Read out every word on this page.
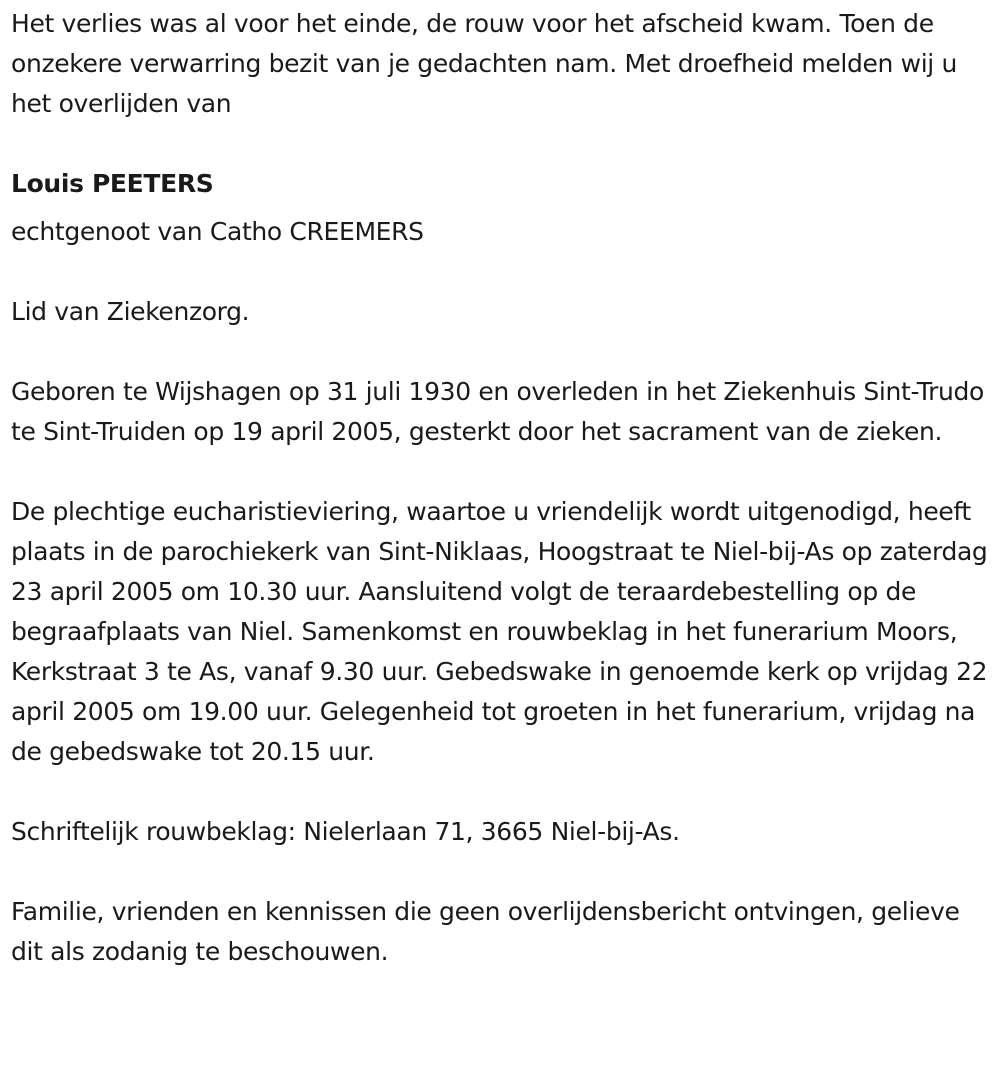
Het verlies was al voor het einde, de rouw voor het afscheid kwam. Toen de onzekere verwarring bezit van je gedachten nam. Met droefheid melden wij u het overlijden van

Louis PEETERS

echtgenoot van Catho CREEMERS

Lid van Ziekenzorg.

Geboren te Wijshagen op 31 juli 1930 en overleden in het Ziekenhuis Sint-Trudo te Sint-Truiden op 19 april 2005, gesterkt door het sacrament van de zieken.

De plechtige eucharistieviering, waartoe u vriendelijk wordt uitgenodigd, heeft plaats in de parochiekerk van Sint-Niklaas, Hoogstraat te Niel-bij-As op zaterdag 23 april 2005 om 10.30 uur. Aansluitend volgt de teraardebestelling op de begraafplaats van Niel. Samenkomst en rouwbeklag in het funerarium Moors, Kerkstraat 3 te As, vanaf 9.30 uur. Gebedswake in genoemde kerk op vrijdag 22 april 2005 om 19.00 uur. Gelegenheid tot groeten in het funerarium, vrijdag na de gebedswake tot 20.15 uur.

Schriftelijk rouwbeklag: Nielerlaan 71, 3665 Niel-bij-As.

Familie, vrienden en kennissen die geen overlijdensbericht ontvingen, gelieve dit als zodanig te beschouwen.
